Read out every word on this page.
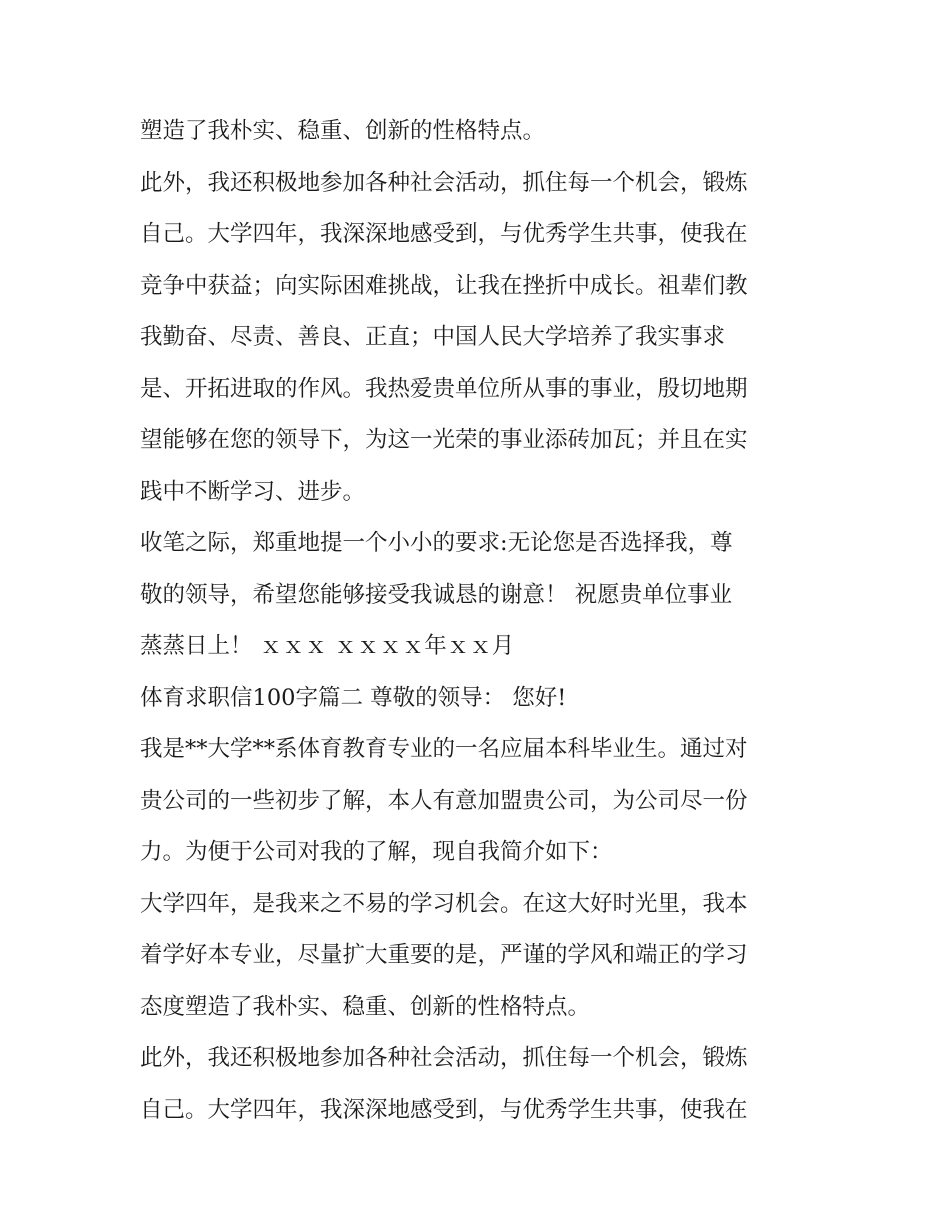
塑造了我朴实、稳重、创新的性格特点。
此外，我还积极地参加各种社会活动，抓住每一个机会，锻炼
自己。大学四年，我深深地感受到，与优秀学生共事，使我在
竞争中获益；向实际困难挑战，让我在挫折中成长。祖辈们教
我勤奋、尽责、善良、正直；中国人民大学培养了我实事求
是、开拓进取的作风。我热爱贵单位所从事的事业，殷切地期
望能够在您的领导下，为这一光荣的事业添砖加瓦；并且在实
践中不断学习、进步。
收笔之际，郑重地提一个小小的要求:无论您是否选择我，尊
敬的领导，希望您能够接受我诚恳的谢意！ 祝愿贵单位事业
蒸蒸日上！ ｘｘｘ ｘｘｘｘ年ｘｘ月
体育求职信100字篇二 尊敬的领导： 您好!
我是**大学**系体育教育专业的一名应届本科毕业生。通过对
贵公司的一些初步了解，本人有意加盟贵公司，为公司尽一份
力。为便于公司对我的了解，现自我简介如下：
大学四年，是我来之不易的学习机会。在这大好时光里，我本
着学好本专业，尽量扩大重要的是，严谨的学风和端正的学习
态度塑造了我朴实、稳重、创新的性格特点。
此外，我还积极地参加各种社会活动，抓住每一个机会，锻炼
自己。大学四年，我深深地感受到，与优秀学生共事，使我在
